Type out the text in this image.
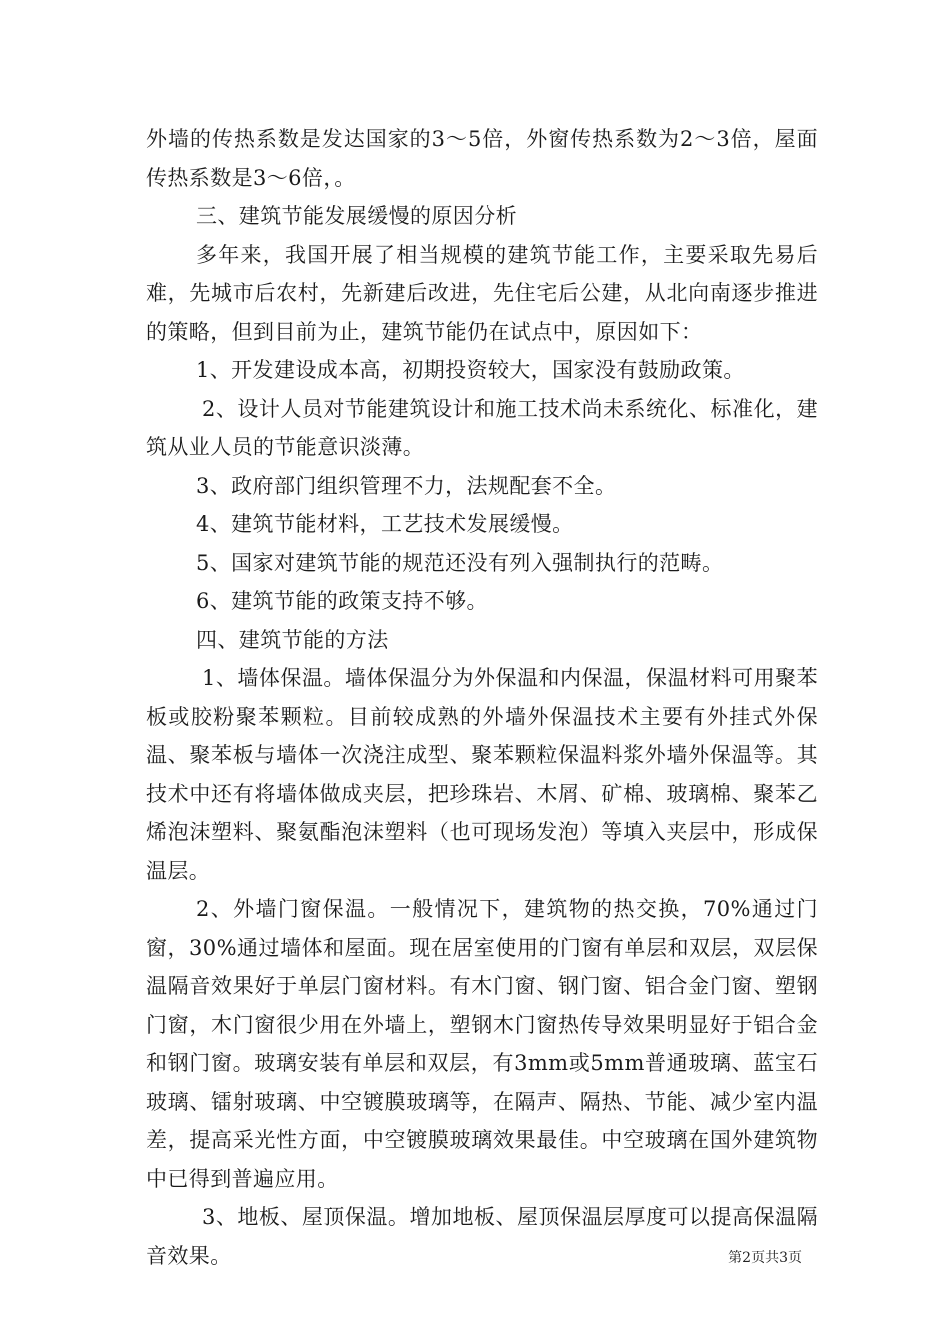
外墙的传热系数是发达国家的3～5倍，外窗传热系数为2～3倍，屋面传热系数是3～6倍，。

三、建筑节能发展缓慢的原因分析

多年来，我国开展了相当规模的建筑节能工作，主要采取先易后难，先城市后农村，先新建后改进，先住宅后公建，从北向南逐步推进的策略，但到目前为止，建筑节能仍在试点中，原因如下：

1、开发建设成本高，初期投资较大，国家没有鼓励政策。

2、设计人员对节能建筑设计和施工技术尚未系统化、标准化，建筑从业人员的节能意识淡薄。

3、政府部门组织管理不力，法规配套不全。

4、建筑节能材料，工艺技术发展缓慢。

5、国家对建筑节能的规范还没有列入强制执行的范畴。

6、建筑节能的政策支持不够。

四、建筑节能的方法

1、墙体保温。墙体保温分为外保温和内保温，保温材料可用聚苯板或胶粉聚苯颗粒。目前较成熟的外墙外保温技术主要有外挂式外保温、聚苯板与墙体一次浇注成型、聚苯颗粒保温料浆外墙外保温等。其技术中还有将墙体做成夹层，把珍珠岩、木屑、矿棉、玻璃棉、聚苯乙烯泡沫塑料、聚氨酯泡沫塑料（也可现场发泡）等填入夹层中，形成保温层。

2、外墙门窗保温。一般情况下，建筑物的热交换，70%通过门窗，30%通过墙体和屋面。现在居室使用的门窗有单层和双层，双层保温隔音效果好于单层门窗材料。有木门窗、钢门窗、铝合金门窗、塑钢门窗，木门窗很少用在外墙上，塑钢木门窗热传导效果明显好于铝合金和钢门窗。玻璃安装有单层和双层，有3mm或5mm普通玻璃、蓝宝石玻璃、镭射玻璃、中空镀膜玻璃等，在隔声、隔热、节能、减少室内温差，提高采光性方面，中空镀膜玻璃效果最佳。中空玻璃在国外建筑物中已得到普遍应用。

3、地板、屋顶保温。增加地板、屋顶保温层厚度可以提高保温隔音效果。	第2页共3页
